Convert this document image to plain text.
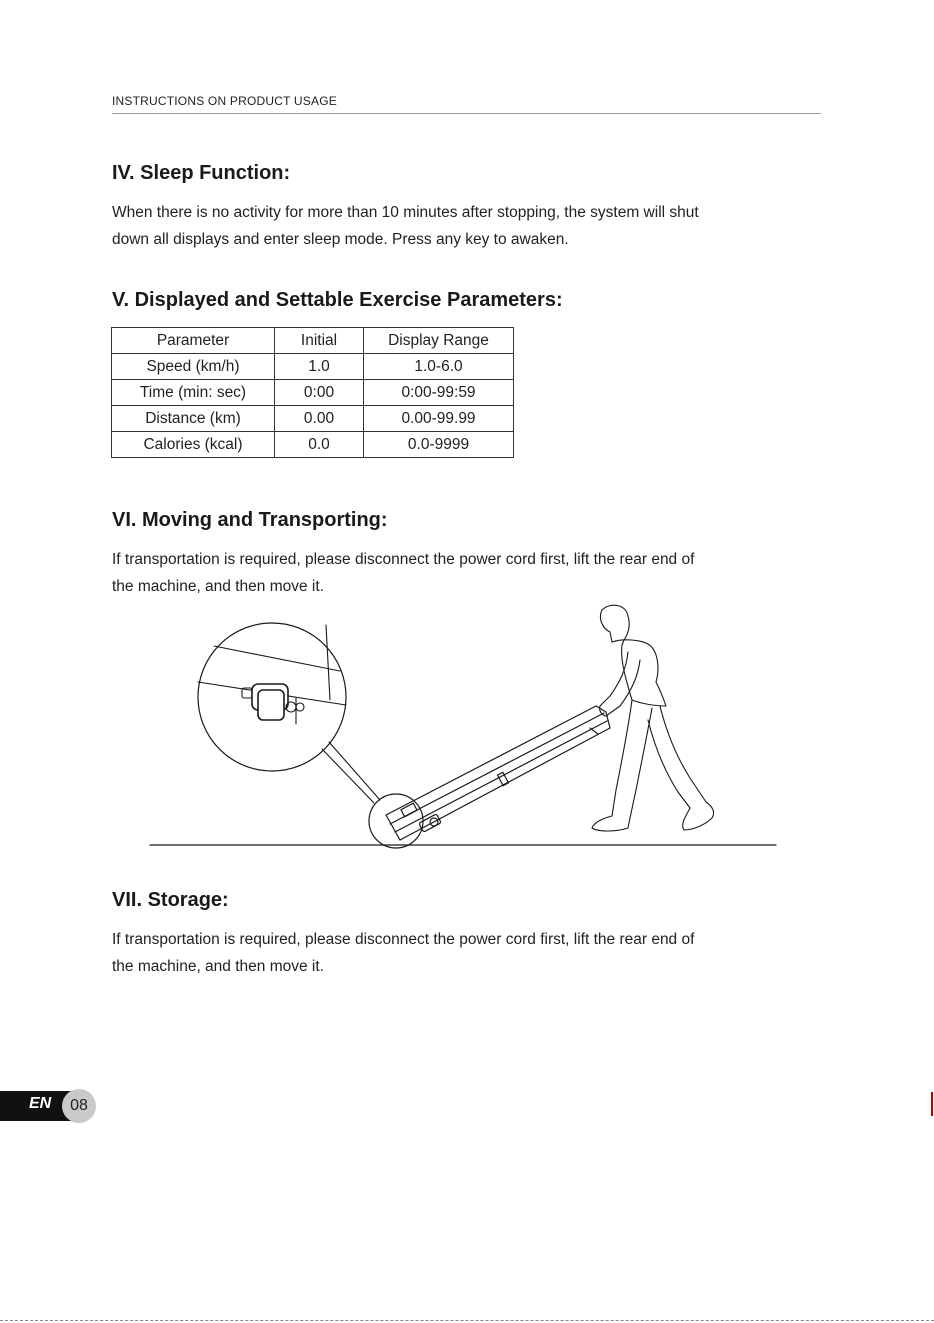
INSTRUCTIONS ON PRODUCT USAGE
IV. Sleep Function:

When there is no activity for more than 10 minutes after stopping, the system will shut
down all displays and enter sleep mode. Press any key to awaken.

V. Displayed and Settable Exercise Parameters:
Parameter	Initial	Display Range
Speed (km/h)	1.0	1.0-6.0
Time (min: sec)	0:00	0:00-99:59
Distance (km)	0.00	0.00-99.99
Calories (kcal)	0.0	0.0-9999
VI. Moving and Transporting:

If transportation is required, please disconnect the power cord first, lift the rear end of
the machine, and then move it.

VII. Storage:

If transportation is required, please disconnect the power cord first, lift the rear end of
the machine, and then move it.

EN	08
